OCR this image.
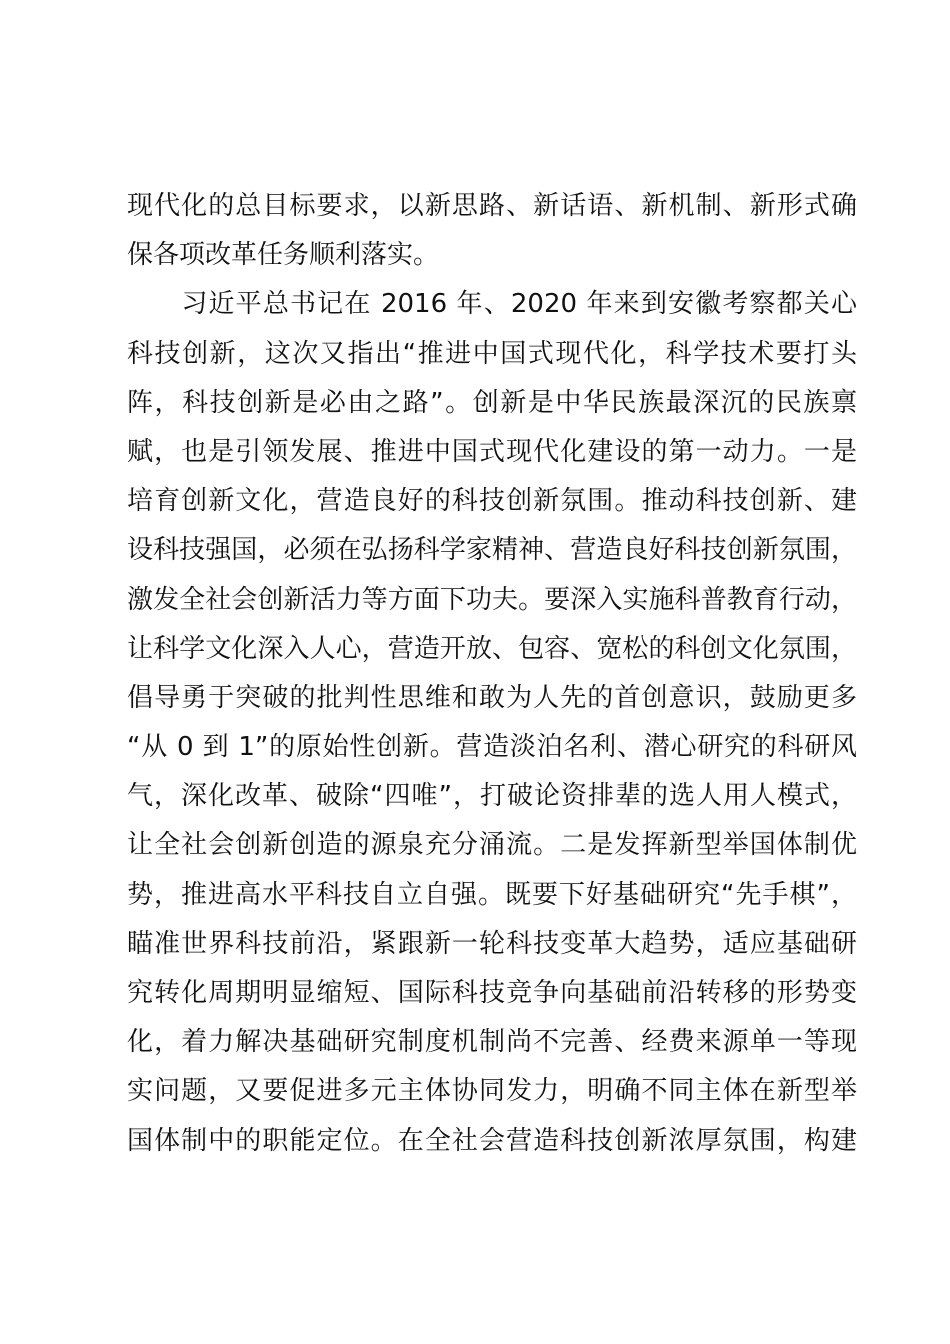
现代化的总目标要求，以新思路、新话语、新机制、新形式确
保各项改革任务顺利落实。
　　习近平总书记在 2016 年、2020 年来到安徽考察都关心
科技创新，这次又指出“推进中国式现代化，科学技术要打头
阵，科技创新是必由之路”。创新是中华民族最深沉的民族禀
赋，也是引领发展、推进中国式现代化建设的第一动力。一是
培育创新文化，营造良好的科技创新氛围。推动科技创新、建
设科技强国，必须在弘扬科学家精神、营造良好科技创新氛围，
激发全社会创新活力等方面下功夫。要深入实施科普教育行动，
让科学文化深入人心，营造开放、包容、宽松的科创文化氛围，
倡导勇于突破的批判性思维和敢为人先的首创意识，鼓励更多
“从 0 到 1”的原始性创新。营造淡泊名利、潜心研究的科研风
气，深化改革、破除“四唯”，打破论资排辈的选人用人模式，
让全社会创新创造的源泉充分涌流。二是发挥新型举国体制优
势，推进高水平科技自立自强。既要下好基础研究“先手棋”，
瞄准世界科技前沿，紧跟新一轮科技变革大趋势，适应基础研
究转化周期明显缩短、国际科技竞争向基础前沿转移的形势变
化，着力解决基础研究制度机制尚不完善、经费来源单一等现
实问题，又要促进多元主体协同发力，明确不同主体在新型举
国体制中的职能定位。在全社会营造科技创新浓厚氛围，构建
